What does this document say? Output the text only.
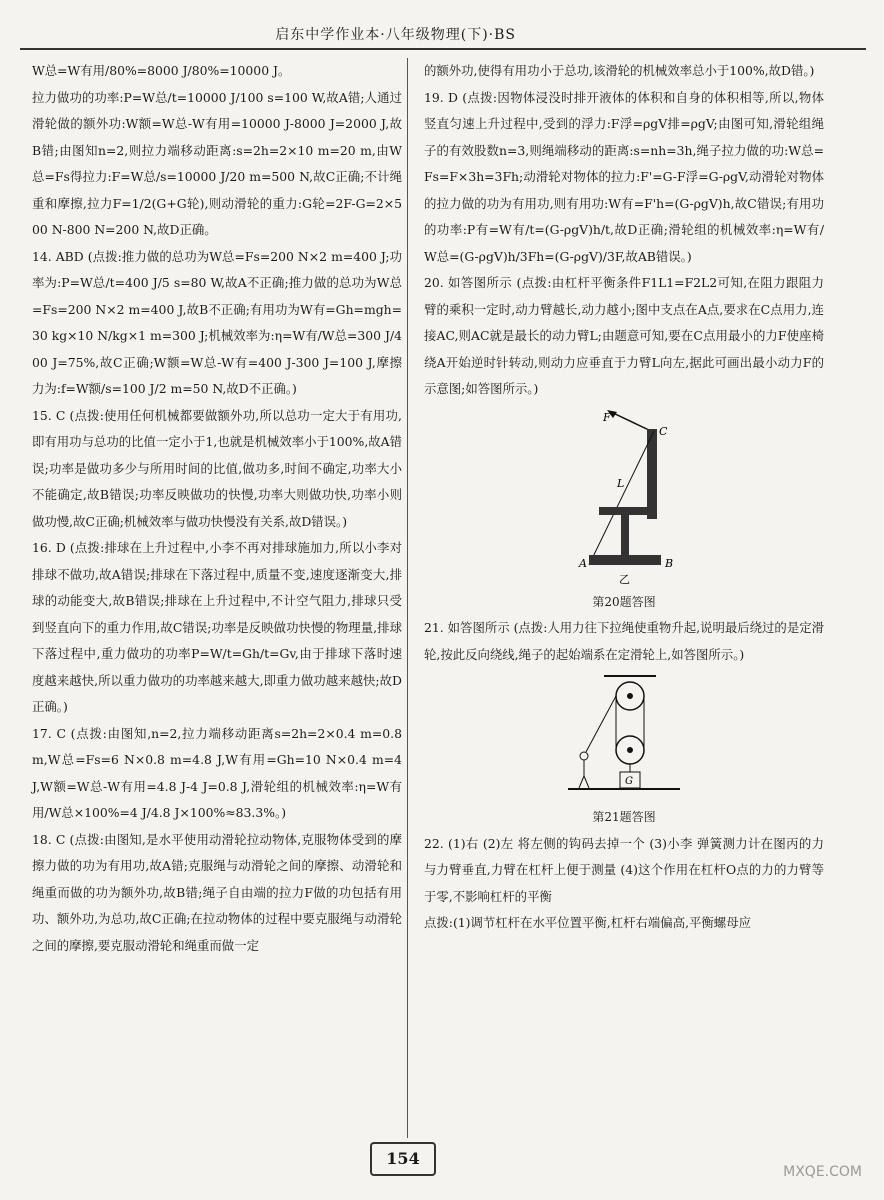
启东中学作业本·八年级物理(下)·BS

W总=W有用/80%=8000 J/80%=10000 J。

拉力做功的功率:P=W总/t=10000 J/100 s=100 W,故A错;人通过滑轮做的额外功:W额=W总-W有用=10000 J-8000 J=2000 J,故B错;由图知n=2,则拉力端移动距离:s=2h=2×10 m=20 m,由W总=Fs得拉力:F=W总/s=10000 J/20 m=500 N,故C正确;不计绳重和摩擦,拉力F=1/2(G+G轮),则动滑轮的重力:G轮=2F-G=2×500 N-800 N=200 N,故D正确。

14. ABD (点拨:推力做的总功为W总=Fs=200 N×2 m=400 J;功率为:P=W总/t=400 J/5 s=80 W,故A不正确;推力做的总功为W总=Fs=200 N×2 m=400 J,故B不正确;有用功为W有=Gh=mgh=30 kg×10 N/kg×1 m=300 J;机械效率为:η=W有/W总=300 J/400 J=75%,故C正确;W额=W总-W有=400 J-300 J=100 J,摩擦力为:f=W额/s=100 J/2 m=50 N,故D不正确。)

15. C (点拨:使用任何机械都要做额外功,所以总功一定大于有用功,即有用功与总功的比值一定小于1,也就是机械效率小于100%,故A错误;功率是做功多少与所用时间的比值,做功多,时间不确定,功率大小不能确定,故B错误;功率反映做功的快慢,功率大则做功快,功率小则做功慢,故C正确;机械效率与做功快慢没有关系,故D错误。)

16. D (点拨:排球在上升过程中,小李不再对排球施加力,所以小李对排球不做功,故A错误;排球在下落过程中,质量不变,速度逐渐变大,排球的动能变大,故B错误;排球在上升过程中,不计空气阻力,排球只受到竖直向下的重力作用,故C错误;功率是反映做功快慢的物理量,排球下落过程中,重力做功的功率P=W/t=Gh/t=Gv,由于排球下落时速度越来越快,所以重力做功的功率越来越大,即重力做功越来越快;故D正确。)

17. C (点拨:由图知,n=2,拉力端移动距离s=2h=2×0.4 m=0.8 m,W总=Fs=6 N×0.8 m=4.8 J,W有用=Gh=10 N×0.4 m=4 J,W额=W总-W有用=4.8 J-4 J=0.8 J,滑轮组的机械效率:η=W有用/W总×100%=4 J/4.8 J×100%≈83.3%。)

18. C (点拨:由图知,是水平使用动滑轮拉动物体,克服物体受到的摩擦力做的功为有用功,故A错;克服绳与动滑轮之间的摩擦、动滑轮和绳重而做的功为额外功,故B错;绳子自由端的拉力F做的功包括有用功、额外功,为总功,故C正确;在拉动物体的过程中要克服绳与动滑轮之间的摩擦,要克服动滑轮和绳重而做一定

的额外功,使得有用功小于总功,该滑轮的机械效率总小于100%,故D错。)

19. D (点拨:因物体浸没时排开液体的体积和自身的体积相等,所以,物体竖直匀速上升过程中,受到的浮力:F浮=ρgV排=ρgV;由图可知,滑轮组绳子的有效股数n=3,则绳端移动的距离:s=nh=3h,绳子拉力做的功:W总=Fs=F×3h=3Fh;动滑轮对物体的拉力:F'=G-F浮=G-ρgV,动滑轮对物体的拉力做的功为有用功,则有用功:W有=F'h=(G-ρgV)h,故C错误;有用功的功率:P有=W有/t=(G-ρgV)h/t,故D正确;滑轮组的机械效率:η=W有/W总=(G-ρgV)h/3Fh=(G-ρgV)/3F,故AB错误。)

20. 如答图所示 (点拨:由杠杆平衡条件F1L1=F2L2可知,在阻力跟阻力臂的乘积一定时,动力臂越长,动力越小;图中支点在A点,要求在C点用力,连接AC,则AC就是最长的动力臂L;由题意可知,要在C点用最小的力F使座椅绕A开始逆时针转动,则动力应垂直于力臂L向左,据此可画出最小动力F的示意图;如答图所示。)

F
C
L
A	B
乙
第20题答图

21. 如答图所示 (点拨:人用力往下拉绳使重物升起,说明最后绕过的是定滑轮,按此反向绕线,绳子的起始端系在定滑轮上,如答图所示。)

G
第21题答图

22. (1)右 (2)左 将左侧的钩码去掉一个 (3)小李 弹簧测力计在图丙的力与力臂垂直,力臂在杠杆上便于测量 (4)这个作用在杠杆O点的力的力臂等于零,不影响杠杆的平衡

点拨:(1)调节杠杆在水平位置平衡,杠杆右端偏高,平衡螺母应

154
MXQE.COM
